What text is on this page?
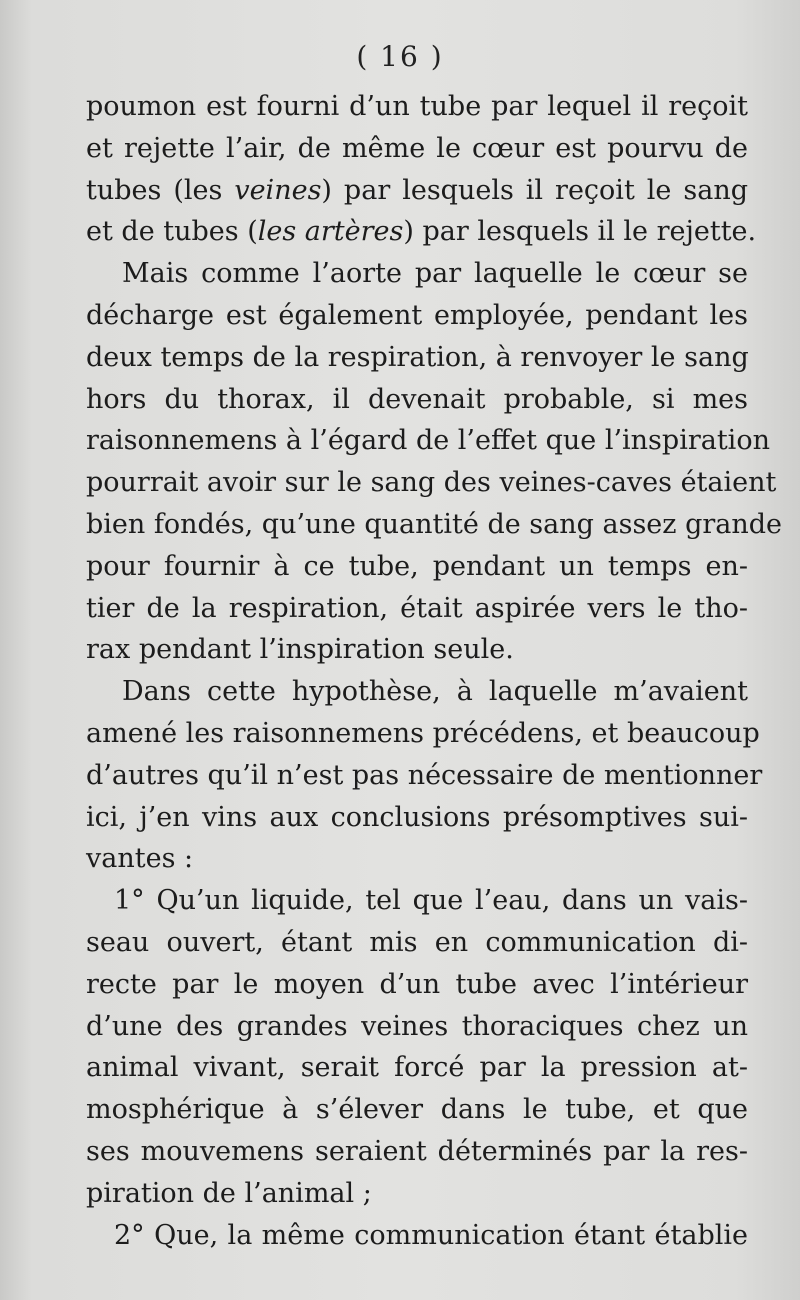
( 16 )
poumon est fourni d’un tube par lequel il reçoit
et rejette l’air, de même le cœur est pourvu de
tubes (les veines) par lesquels il reçoit le sang
et de tubes (les artères) par lesquels il le rejette.
Mais comme l’aorte par laquelle le cœur se
décharge est également employée, pendant les
deux temps de la respiration, à renvoyer le sang
hors du thorax, il devenait probable, si mes
raisonnemens à l’égard de l’effet que l’inspiration
pourrait avoir sur le sang des veines-caves étaient
bien fondés, qu’une quantité de sang assez grande
pour fournir à ce tube, pendant un temps en-
tier de la respiration, était aspirée vers le tho-
rax pendant l’inspiration seule.
Dans cette hypothèse, à laquelle m’avaient
amené les raisonnemens précédens, et beaucoup
d’autres qu’il n’est pas nécessaire de mentionner
ici, j’en vins aux conclusions présomptives sui-
vantes :
1° Qu’un liquide, tel que l’eau, dans un vais-
seau ouvert, étant mis en communication di-
recte par le moyen d’un tube avec l’intérieur
d’une des grandes veines thoraciques chez un
animal vivant, serait forcé par la pression at-
mosphérique à s’élever dans le tube, et que
ses mouvemens seraient déterminés par la res-
piration de l’animal ;
2° Que, la même communication étant établie
